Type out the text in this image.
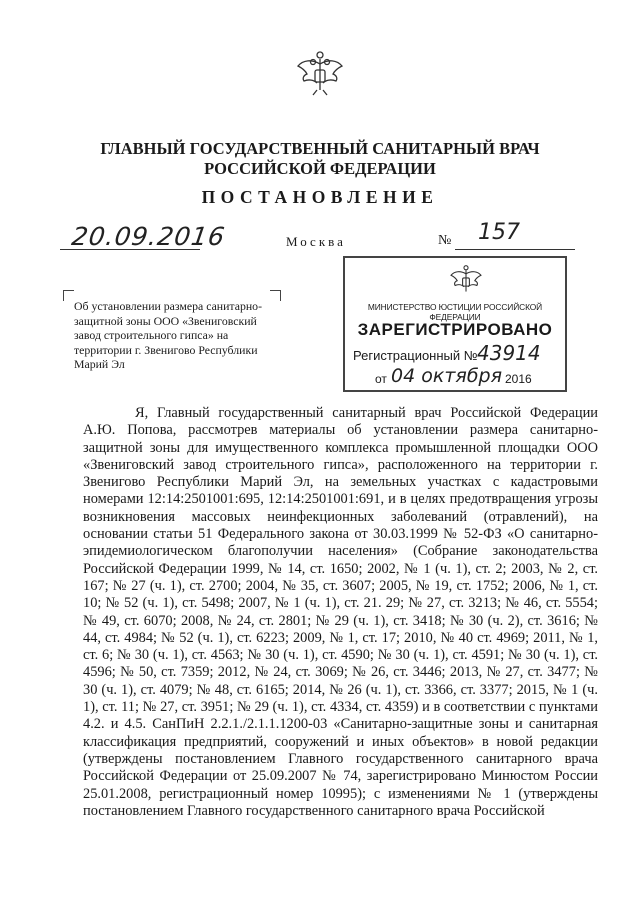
ГЛАВНЫЙ ГОСУДАРСТВЕННЫЙ САНИТАРНЫЙ ВРАЧ
РОССИЙСКОЙ ФЕДЕРАЦИИ
ПОСТАНОВЛЕНИЕ
20.09.2016	Москва	№ 157
Об установлении размера санитарно-защитной зоны ООО «Звениговский завод строительного гипса» на территории г. Звенигово Республики Марий Эл
МИНИСТЕРСТВО ЮСТИЦИИ РОССИЙСКОЙ ФЕДЕРАЦИИ
ЗАРЕГИСТРИРОВАНО
Регистрационный № 43914
от 04 октября 2016

Я, Главный государственный санитарный врач Российской Федерации А.Ю. Попова, рассмотрев материалы об установлении размера санитарно-защитной зоны для имущественного комплекса промышленной площадки ООО «Звениговский завод строительного гипса», расположенного на территории г. Звенигово Республики Марий Эл, на земельных участках с кадастровыми номерами 12:14:2501001:695, 12:14:2501001:691, и в целях предотвращения угрозы возникновения массовых неинфекционных заболеваний (отравлений), на основании статьи 51 Федерального закона от 30.03.1999 № 52-ФЗ «О санитарно-эпидемиологическом благополучии населения» (Собрание законодательства Российской Федерации 1999, № 14, ст. 1650; 2002, № 1 (ч. 1), ст. 2; 2003, № 2, ст. 167; № 27 (ч. 1), ст. 2700; 2004, № 35, ст. 3607; 2005, № 19, ст. 1752; 2006, № 1, ст. 10; № 52 (ч. 1), ст. 5498; 2007, № 1 (ч. 1), ст. 21. 29; № 27, ст. 3213; № 46, ст. 5554; № 49, ст. 6070; 2008, № 24, ст. 2801; № 29 (ч. 1), ст. 3418; № 30 (ч. 2), ст. 3616; № 44, ст. 4984; № 52 (ч. 1), ст. 6223; 2009, № 1, ст. 17; 2010, № 40 ст. 4969; 2011, № 1, ст. 6; № 30 (ч. 1), ст. 4563; № 30 (ч. 1), ст. 4590; № 30 (ч. 1), ст. 4591; № 30 (ч. 1), ст. 4596; № 50, ст. 7359; 2012, № 24, ст. 3069; № 26, ст. 3446; 2013, № 27, ст. 3477; № 30 (ч. 1), ст. 4079; № 48, ст. 6165; 2014, № 26 (ч. 1), ст. 3366, ст. 3377; 2015, № 1 (ч. 1), ст. 11; № 27, ст. 3951; № 29 (ч. 1), ст. 4334, ст. 4359) и в соответствии с пунктами 4.2. и 4.5. СанПиН 2.2.1./2.1.1.1200-03 «Санитарно-защитные зоны и санитарная классификация предприятий, сооружений и иных объектов» в новой редакции (утверждены постановлением Главного государственного санитарного врача Российской Федерации от 25.09.2007 № 74, зарегистрировано Минюстом России 25.01.2008, регистрационный номер 10995); с изменениями № 1 (утверждены постановлением Главного государственного санитарного врача Российской
